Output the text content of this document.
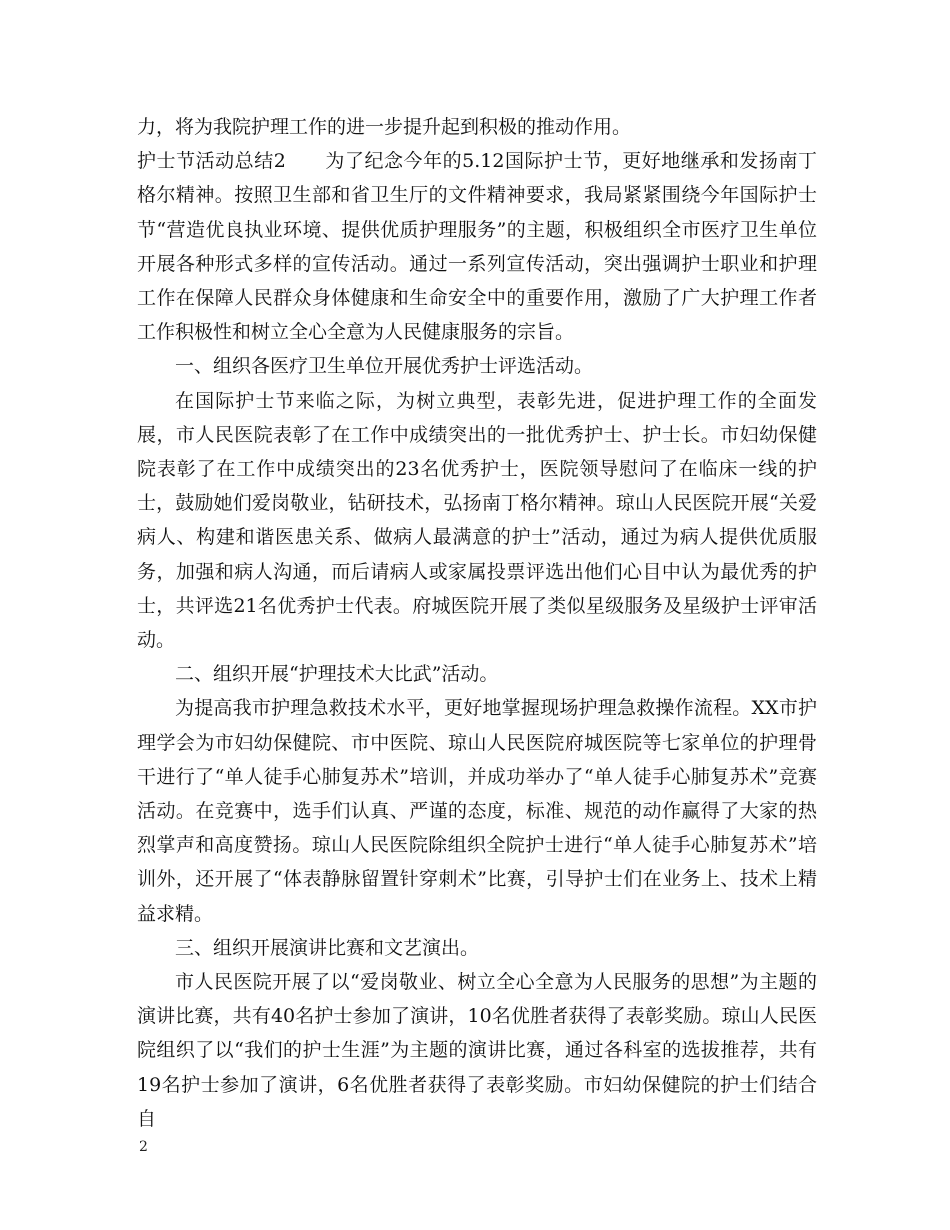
力，将为我院护理工作的进一步提升起到积极的推动作用。

护士节活动总结2　　为了纪念今年的5.12国际护士节，更好地继承和发扬南丁格尔精神。按照卫生部和省卫生厅的文件精神要求，我局紧紧围绕今年国际护士节“营造优良执业环境、提供优质护理服务”的主题，积极组织全市医疗卫生单位开展各种形式多样的宣传活动。通过一系列宣传活动，突出强调护士职业和护理工作在保障人民群众身体健康和生命安全中的重要作用，激励了广大护理工作者工作积极性和树立全心全意为人民健康服务的宗旨。

一、组织各医疗卫生单位开展优秀护士评选活动。

在国际护士节来临之际，为树立典型，表彰先进，促进护理工作的全面发展，市人民医院表彰了在工作中成绩突出的一批优秀护士、护士长。市妇幼保健院表彰了在工作中成绩突出的23名优秀护士，医院领导慰问了在临床一线的护士，鼓励她们爱岗敬业，钻研技术，弘扬南丁格尔精神。琼山人民医院开展“关爱病人、构建和谐医患关系、做病人最满意的护士”活动，通过为病人提供优质服务，加强和病人沟通，而后请病人或家属投票评选出他们心目中认为最优秀的护士，共评选21名优秀护士代表。府城医院开展了类似星级服务及星级护士评审活动。

二、组织开展“护理技术大比武”活动。

为提高我市护理急救技术水平，更好地掌握现场护理急救操作流程。XX市护理学会为市妇幼保健院、市中医院、琼山人民医院府城医院等七家单位的护理骨干进行了“单人徒手心肺复苏术”培训，并成功举办了“单人徒手心肺复苏术”竞赛活动。在竞赛中，选手们认真、严谨的态度，标准、规范的动作赢得了大家的热烈掌声和高度赞扬。琼山人民医院除组织全院护士进行“单人徒手心肺复苏术”培训外，还开展了“体表静脉留置针穿刺术”比赛，引导护士们在业务上、技术上精益求精。

三、组织开展演讲比赛和文艺演出。

市人民医院开展了以“爱岗敬业、树立全心全意为人民服务的思想”为主题的演讲比赛，共有40名护士参加了演讲，10名优胜者获得了表彰奖励。琼山人民医院组织了以“我们的护士生涯”为主题的演讲比赛，通过各科室的选拔推荐，共有19名护士参加了演讲，6名优胜者获得了表彰奖励。市妇幼保健院的护士们结合自

2
